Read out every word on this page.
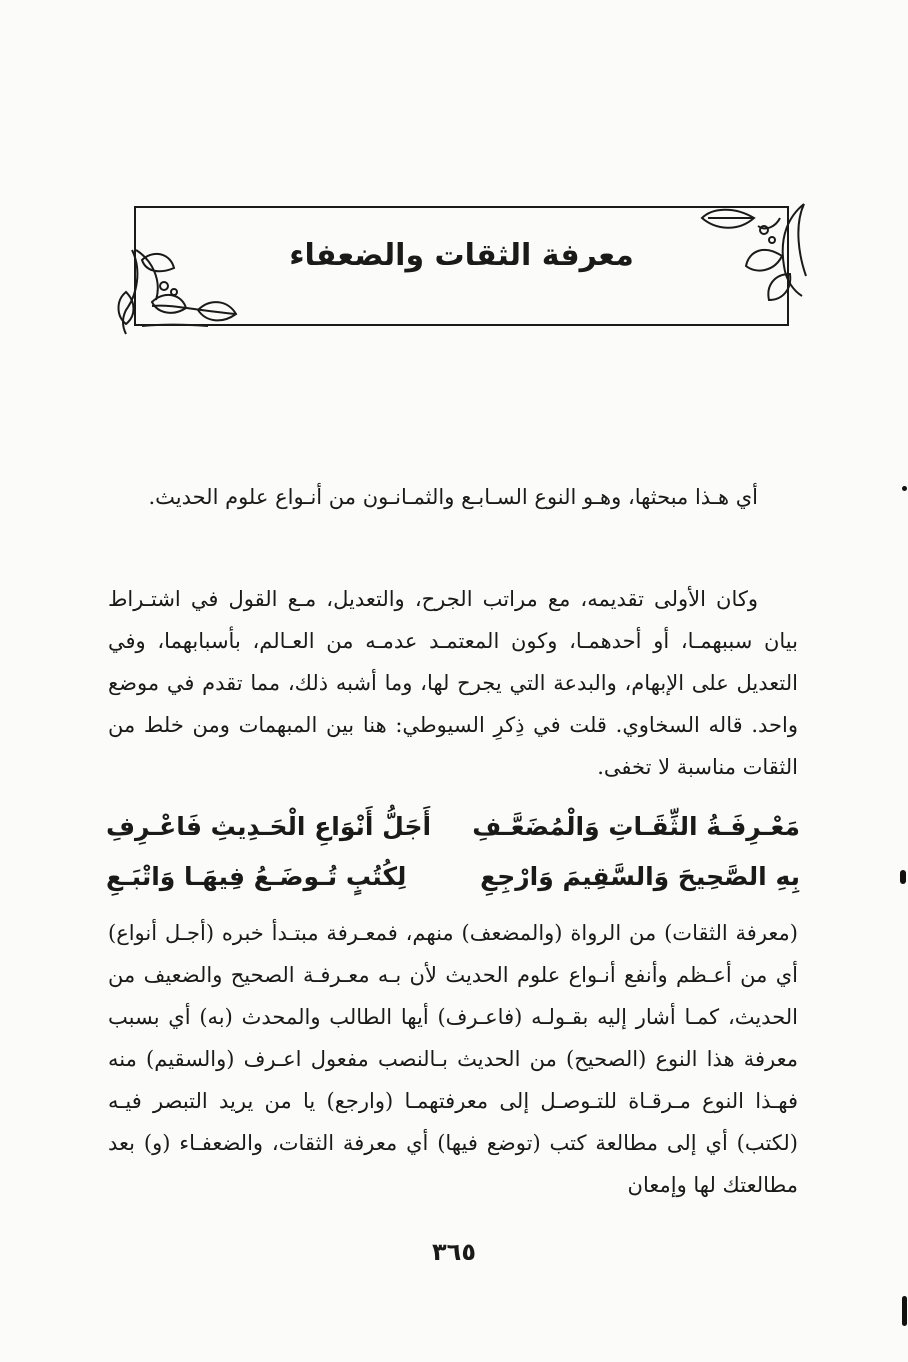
معرفة الثقات والضعفاء

أي هـذا مبحثها، وهـو النوع السـابـع والثمـانـون من أنـواع علوم الحديث.

وكان الأولى تقديمه، مع مراتب الجرح، والتعديل، مـع القول في اشتـراط بيان سببهمـا، أو أحدهمـا، وكون المعتمـد عدمـه من العـالم، بأسبابهما، وفي التعديل على الإبهام، والبدعة التي يجرح لها، وما أشبه ذلك، مما تقدم في موضع واحد. قاله السخاوي. قلت في ذِكرِ السيوطي: هنا بين المبهمات ومن خلط من الثقات مناسبة لا تخفى.

مَعْـرِفَـةُ الثِّقَـاتِ وَالْمُضَعَّـفِ
أَجَلُّ أَنْوَاعِ الْحَـدِيثِ فَاعْـرِفِ
بِهِ الصَّحِيحَ وَالسَّقِيمَ وَارْجِعِ
لِكُتُبٍ تُـوضَـعُ فِيهَـا وَاتْبَـعِ

(معرفة الثقات) من الرواة (والمضعف) منهم، فمعـرفة مبتـدأ خبره (أجـل أنواع) أي من أعـظم وأنفع أنـواع علوم الحديث لأن بـه معـرفـة الصحيح والضعيف من الحديث، كمـا أشار إليه بقـولـه (فاعـرف) أيها الطالب والمحدث (به) أي بسبب معرفة هذا النوع (الصحيح) من الحديث بـالنصب مفعول اعـرف (والسقيم) منه فهـذا النوع مـرقـاة للتـوصـل إلى معرفتهمـا (وارجع) يا من يريد التبصر فيـه (لكتب) أي إلى مطالعة كتب (توضع فيها) أي معرفة الثقات، والضعفـاء (و) بعد مطالعتك لها وإمعان

٣٦٥
